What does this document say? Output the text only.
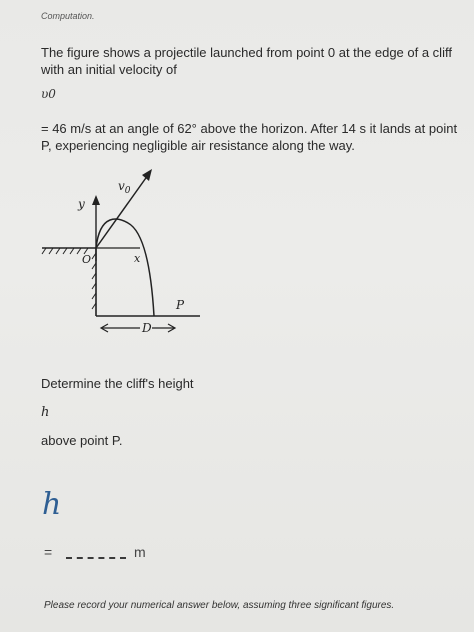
Computation.
The figure shows a projectile launched from point 0 at the edge of a cliff with an initial velocity of
υ0
= 46 m/s at an angle of 62° above the horizon. After 14 s it lands at point P, experiencing negligible air resistance along the way.
$v_0$
y
x
O
P
D
Determine the cliff's height
h
above point P.
h
=	m
Please record your numerical answer below, assuming three significant figures.
